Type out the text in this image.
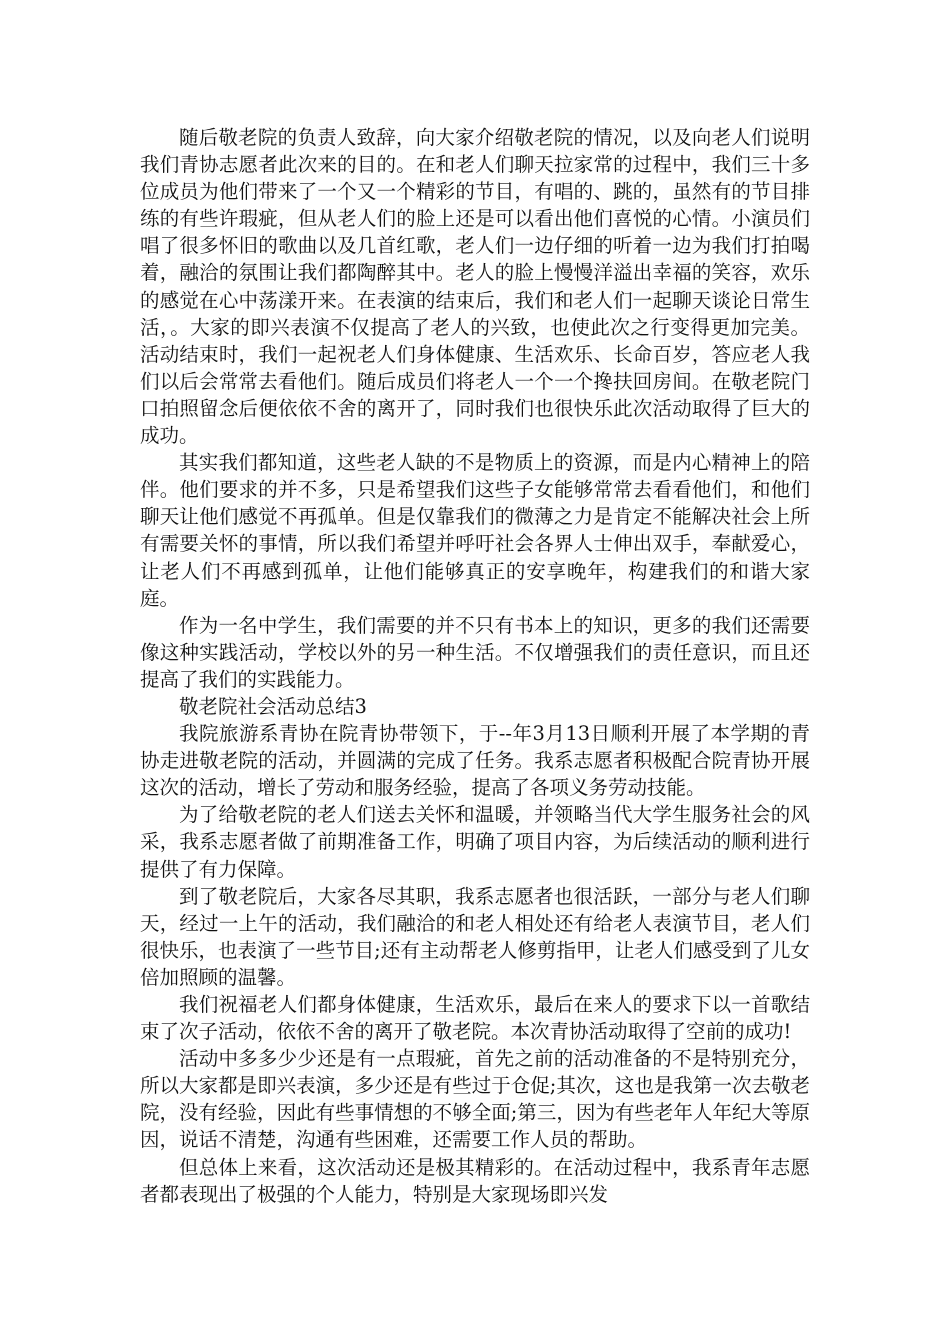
随后敬老院的负责人致辞，向大家介绍敬老院的情况，以及向老人们说明我们青协志愿者此次来的目的。在和老人们聊天拉家常的过程中，我们三十多位成员为他们带来了一个又一个精彩的节目，有唱的、跳的，虽然有的节目排练的有些许瑕疵，但从老人们的脸上还是可以看出他们喜悦的心情。小演员们唱了很多怀旧的歌曲以及几首红歌，老人们一边仔细的听着一边为我们打拍喝着，融洽的氛围让我们都陶醉其中。老人的脸上慢慢洋溢出幸福的笑容，欢乐的感觉在心中荡漾开来。在表演的结束后，我们和老人们一起聊天谈论日常生活，。大家的即兴表演不仅提高了老人的兴致，也使此次之行变得更加完美。活动结束时，我们一起祝老人们身体健康、生活欢乐、长命百岁，答应老人我们以后会常常去看他们。随后成员们将老人一个一个搀扶回房间。在敬老院门口拍照留念后便依依不舍的离开了，同时我们也很快乐此次活动取得了巨大的成功。

其实我们都知道，这些老人缺的不是物质上的资源，而是内心精神上的陪伴。他们要求的并不多，只是希望我们这些子女能够常常去看看他们，和他们聊天让他们感觉不再孤单。但是仅靠我们的微薄之力是肯定不能解决社会上所有需要关怀的事情，所以我们希望并呼吁社会各界人士伸出双手，奉献爱心，让老人们不再感到孤单，让他们能够真正的安享晚年，构建我们的和谐大家庭。

作为一名中学生，我们需要的并不只有书本上的知识，更多的我们还需要像这种实践活动，学校以外的另一种生活。不仅增强我们的责任意识，而且还提高了我们的实践能力。

敬老院社会活动总结3

我院旅游系青协在院青协带领下，于--年3月13日顺利开展了本学期的青协走进敬老院的活动，并圆满的完成了任务。我系志愿者积极配合院青协开展这次的活动，增长了劳动和服务经验，提高了各项义务劳动技能。

为了给敬老院的老人们送去关怀和温暖，并领略当代大学生服务社会的风采，我系志愿者做了前期准备工作，明确了项目内容，为后续活动的顺利进行提供了有力保障。

到了敬老院后，大家各尽其职，我系志愿者也很活跃，一部分与老人们聊天，经过一上午的活动，我们融洽的和老人相处还有给老人表演节目，老人们很快乐，也表演了一些节目;还有主动帮老人修剪指甲，让老人们感受到了儿女倍加照顾的温馨。

我们祝福老人们都身体健康，生活欢乐，最后在来人的要求下以一首歌结束了次子活动，依依不舍的离开了敬老院。本次青协活动取得了空前的成功!

活动中多多少少还是有一点瑕疵，首先之前的活动准备的不是特别充分，所以大家都是即兴表演，多少还是有些过于仓促;其次，这也是我第一次去敬老院，没有经验，因此有些事情想的不够全面;第三，因为有些老年人年纪大等原因，说话不清楚，沟通有些困难，还需要工作人员的帮助。

但总体上来看，这次活动还是极其精彩的。在活动过程中，我系青年志愿者都表现出了极强的个人能力，特别是大家现场即兴发
